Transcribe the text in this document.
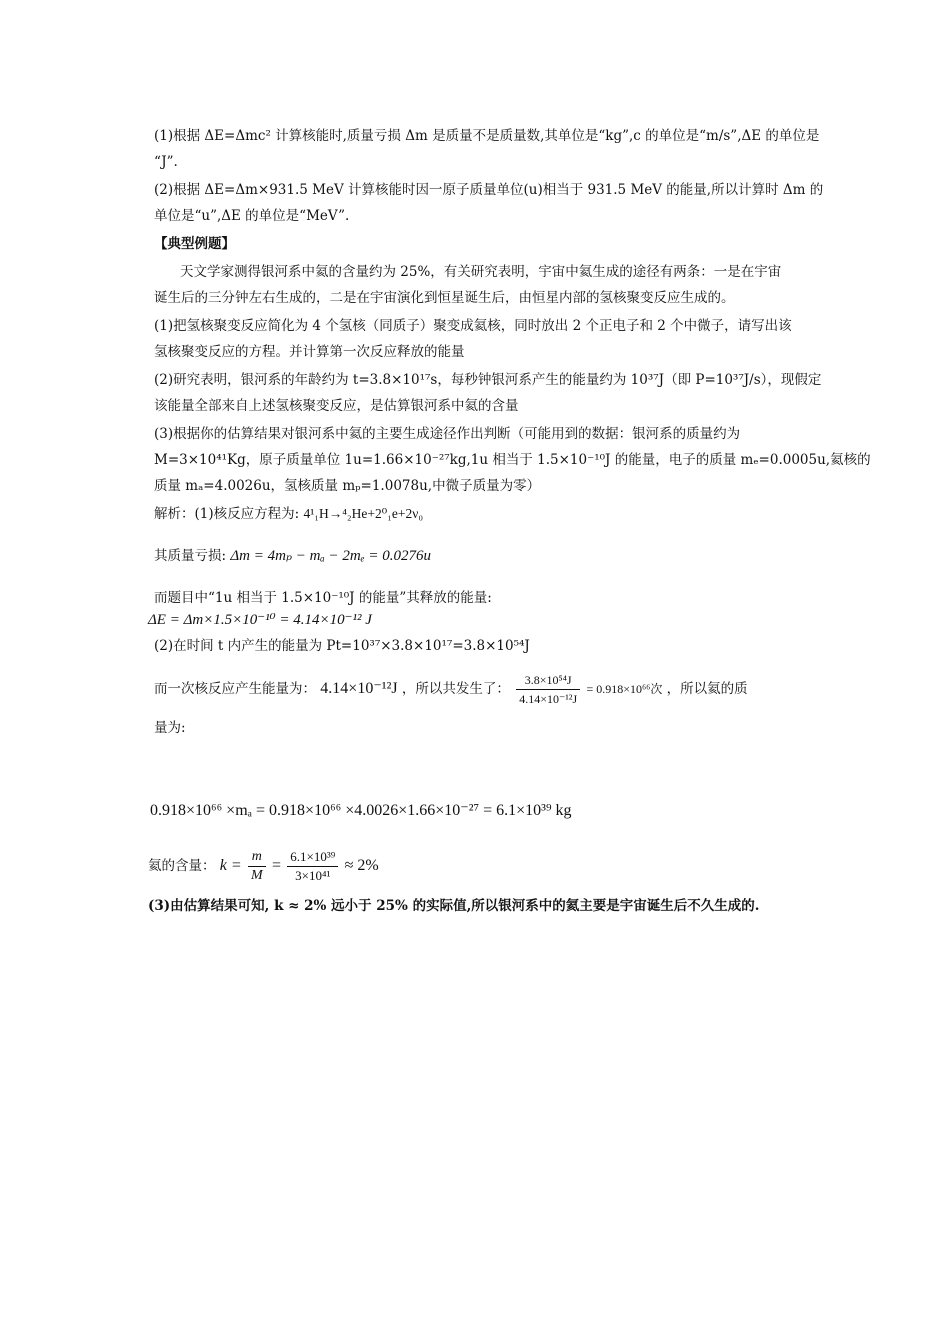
(1)根据 ΔE=Δmc² 计算核能时,质量亏损 Δm 是质量不是质量数,其单位是“kg”,c 的单位是“m/s”,ΔE 的单位是
“J”.
(2)根据 ΔE=Δm×931.5 MeV 计算核能时因一原子质量单位(u)相当于 931.5 MeV 的能量,所以计算时 Δm 的
单位是“u”,ΔE 的单位是“MeV”.
【典型例题】
天文学家测得银河系中氦的含量约为 25%，有关研究表明，宇宙中氦生成的途径有两条：一是在宇宙
诞生后的三分钟左右生成的，二是在宇宙演化到恒星诞生后，由恒星内部的氢核聚变反应生成的。
(1)把氢核聚变反应简化为 4 个氢核（同质子）聚变成氦核，同时放出 2 个正电子和 2 个中微子，请写出该
氢核聚变反应的方程。并计算第一次反应释放的能量
(2)研究表明，银河系的年龄约为 t=3.8×10¹⁷s，每秒钟银河系产生的能量约为 10³⁷J（即 P=10³⁷J/s），现假定
该能量全部来自上述氢核聚变反应，是估算银河系中氦的含量
(3)根据你的估算结果对银河系中氦的主要生成途径作出判断（可能用到的数据：银河系的质量约为
M=3×10⁴¹Kg，原子质量单位 1u=1.66×10⁻²⁷kg,1u 相当于 1.5×10⁻¹⁰J 的能量，电子的质量 mₑ=0.0005u,氦核的
质量 mₐ=4.0026u，氢核质量 mₚ=1.0078u,中微子质量为零）
解析：(1)核反应方程为: 4¹₁H→⁴₂He+2⁰₁e+2ν₀
其质量亏损: Δm = 4mₚ − mₐ − 2mₑ = 0.0276u
而题目中“1u 相当于 1.5×10⁻¹⁰J 的能量”其释放的能量:
ΔE = Δm×1.5×10⁻¹⁰ = 4.14×10⁻¹² J
(2)在时间 t 内产生的能量为 Pt=10³⁷×3.8×10¹⁷=3.8×10⁵⁴J
而一次核反应产生能量为： 4.14×10⁻¹²J ，所以共发生了： $\frac{\text{3.8×10⁵⁴J}}{\text{4.14×10⁻¹²J}} = 0.918\times 10^{66}$次 ，所以氦的质
量为:
0.918×10⁶⁶ ×mₐ = 0.918×10⁶⁶ ×4.0026×1.66×10⁻²⁷ = 6.1×10³⁹ kg
氦的含量： $k = \frac{m}{M} = \frac{\text{6.1×10³⁹}}{\text{3×10⁴¹}} \approx 2\%$
(3)由估算结果可知, k ≈ 2% 远小于 25% 的实际值,所以银河系中的氦主要是宇宙诞生后不久生成的.
